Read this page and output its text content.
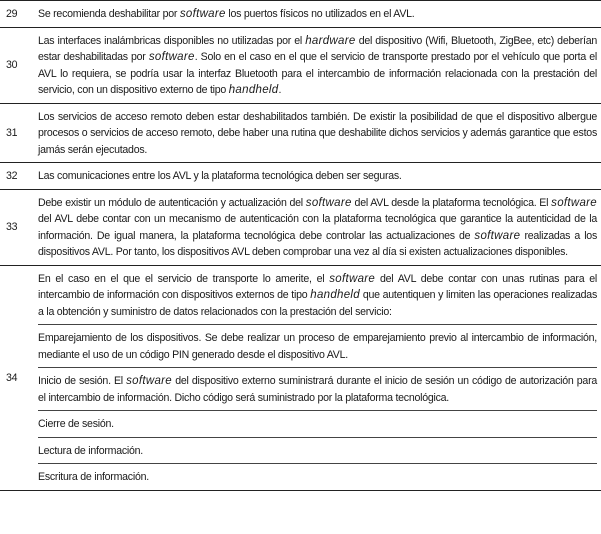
29	Se recomienda deshabilitar por software los puertos físicos no utilizados en el AVL.
30
Las interfaces inalámbricas disponibles no utilizadas por el hardware del dispositivo (Wifi, Bluetooth, ZigBee, etc) deberían estar deshabilitadas por software. Solo en el caso en el que el servicio de transporte prestado por el vehículo que porta el AVL lo requiera, se podría usar la interfaz Bluetooth para el intercambio de información relacionada con la prestación del servicio, con un dispositivo externo de tipo handheld.
31
Los servicios de acceso remoto deben estar deshabilitados también. De existir la posibilidad de que el dispositivo albergue procesos o servicios de acceso remoto, debe haber una rutina que deshabilite dichos servicios y además garantice que estos jamás serán ejecutados.
32	Las comunicaciones entre los AVL y la plataforma tecnológica deben ser seguras.
33
Debe existir un módulo de autenticación y actualización del software del AVL desde la plataforma tecnológica. El software del AVL debe contar con un mecanismo de autenticación con la plataforma tecnológica que garantice la autenticidad de la información. De igual manera, la plataforma tecnológica debe controlar las actualizaciones de software realizadas a los dispositivos AVL. Por tanto, los dispositivos AVL deben comprobar una vez al día si existen actualizaciones disponibles.
34
En el caso en el que el servicio de transporte lo amerite, el software del AVL debe contar con unas rutinas para el intercambio de información con dispositivos externos de tipo handheld que autentiquen y limiten las operaciones realizadas a la obtención y suministro de datos relacionados con la prestación del servicio:
Emparejamiento de los dispositivos. Se debe realizar un proceso de emparejamiento previo al intercambio de información, mediante el uso de un código PIN generado desde el dispositivo AVL.
Inicio de sesión. El software del dispositivo externo suministrará durante el inicio de sesión un código de autorización para el intercambio de información. Dicho código será suministrado por la plataforma tecnológica.
Cierre de sesión.
Lectura de información.
Escritura de información.
